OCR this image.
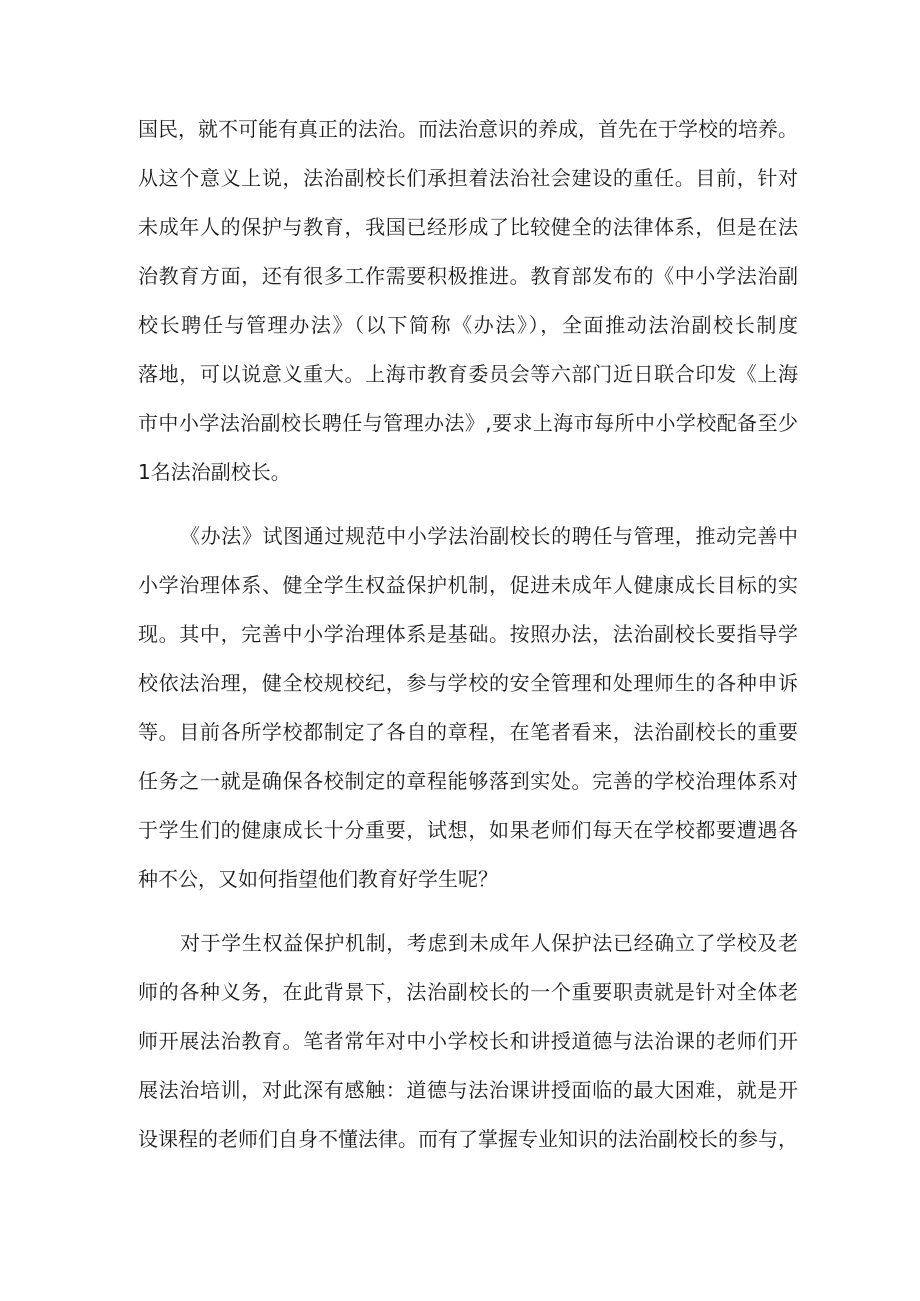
国民，就不可能有真正的法治。而法治意识的养成，首先在于学校的培养。
从这个意义上说，法治副校长们承担着法治社会建设的重任。目前，针对
未成年人的保护与教育，我国已经形成了比较健全的法律体系，但是在法
治教育方面，还有很多工作需要积极推进。教育部发布的《中小学法治副
校长聘任与管理办法》（以下简称《办法》），全面推动法治副校长制度
落地，可以说意义重大。上海市教育委员会等六部门近日联合印发《上海
市中小学法治副校长聘任与管理办法》,要求上海市每所中小学校配备至少
1名法治副校长。
《办法》试图通过规范中小学法治副校长的聘任与管理，推动完善中
小学治理体系、健全学生权益保护机制，促进未成年人健康成长目标的实
现。其中，完善中小学治理体系是基础。按照办法，法治副校长要指导学
校依法治理，健全校规校纪，参与学校的安全管理和处理师生的各种申诉
等。目前各所学校都制定了各自的章程，在笔者看来，法治副校长的重要
任务之一就是确保各校制定的章程能够落到实处。完善的学校治理体系对
于学生们的健康成长十分重要，试想，如果老师们每天在学校都要遭遇各
种不公，又如何指望他们教育好学生呢？
对于学生权益保护机制，考虑到未成年人保护法已经确立了学校及老
师的各种义务，在此背景下，法治副校长的一个重要职责就是针对全体老
师开展法治教育。笔者常年对中小学校长和讲授道德与法治课的老师们开
展法治培训，对此深有感触：道德与法治课讲授面临的最大困难，就是开
设课程的老师们自身不懂法律。而有了掌握专业知识的法治副校长的参与，
